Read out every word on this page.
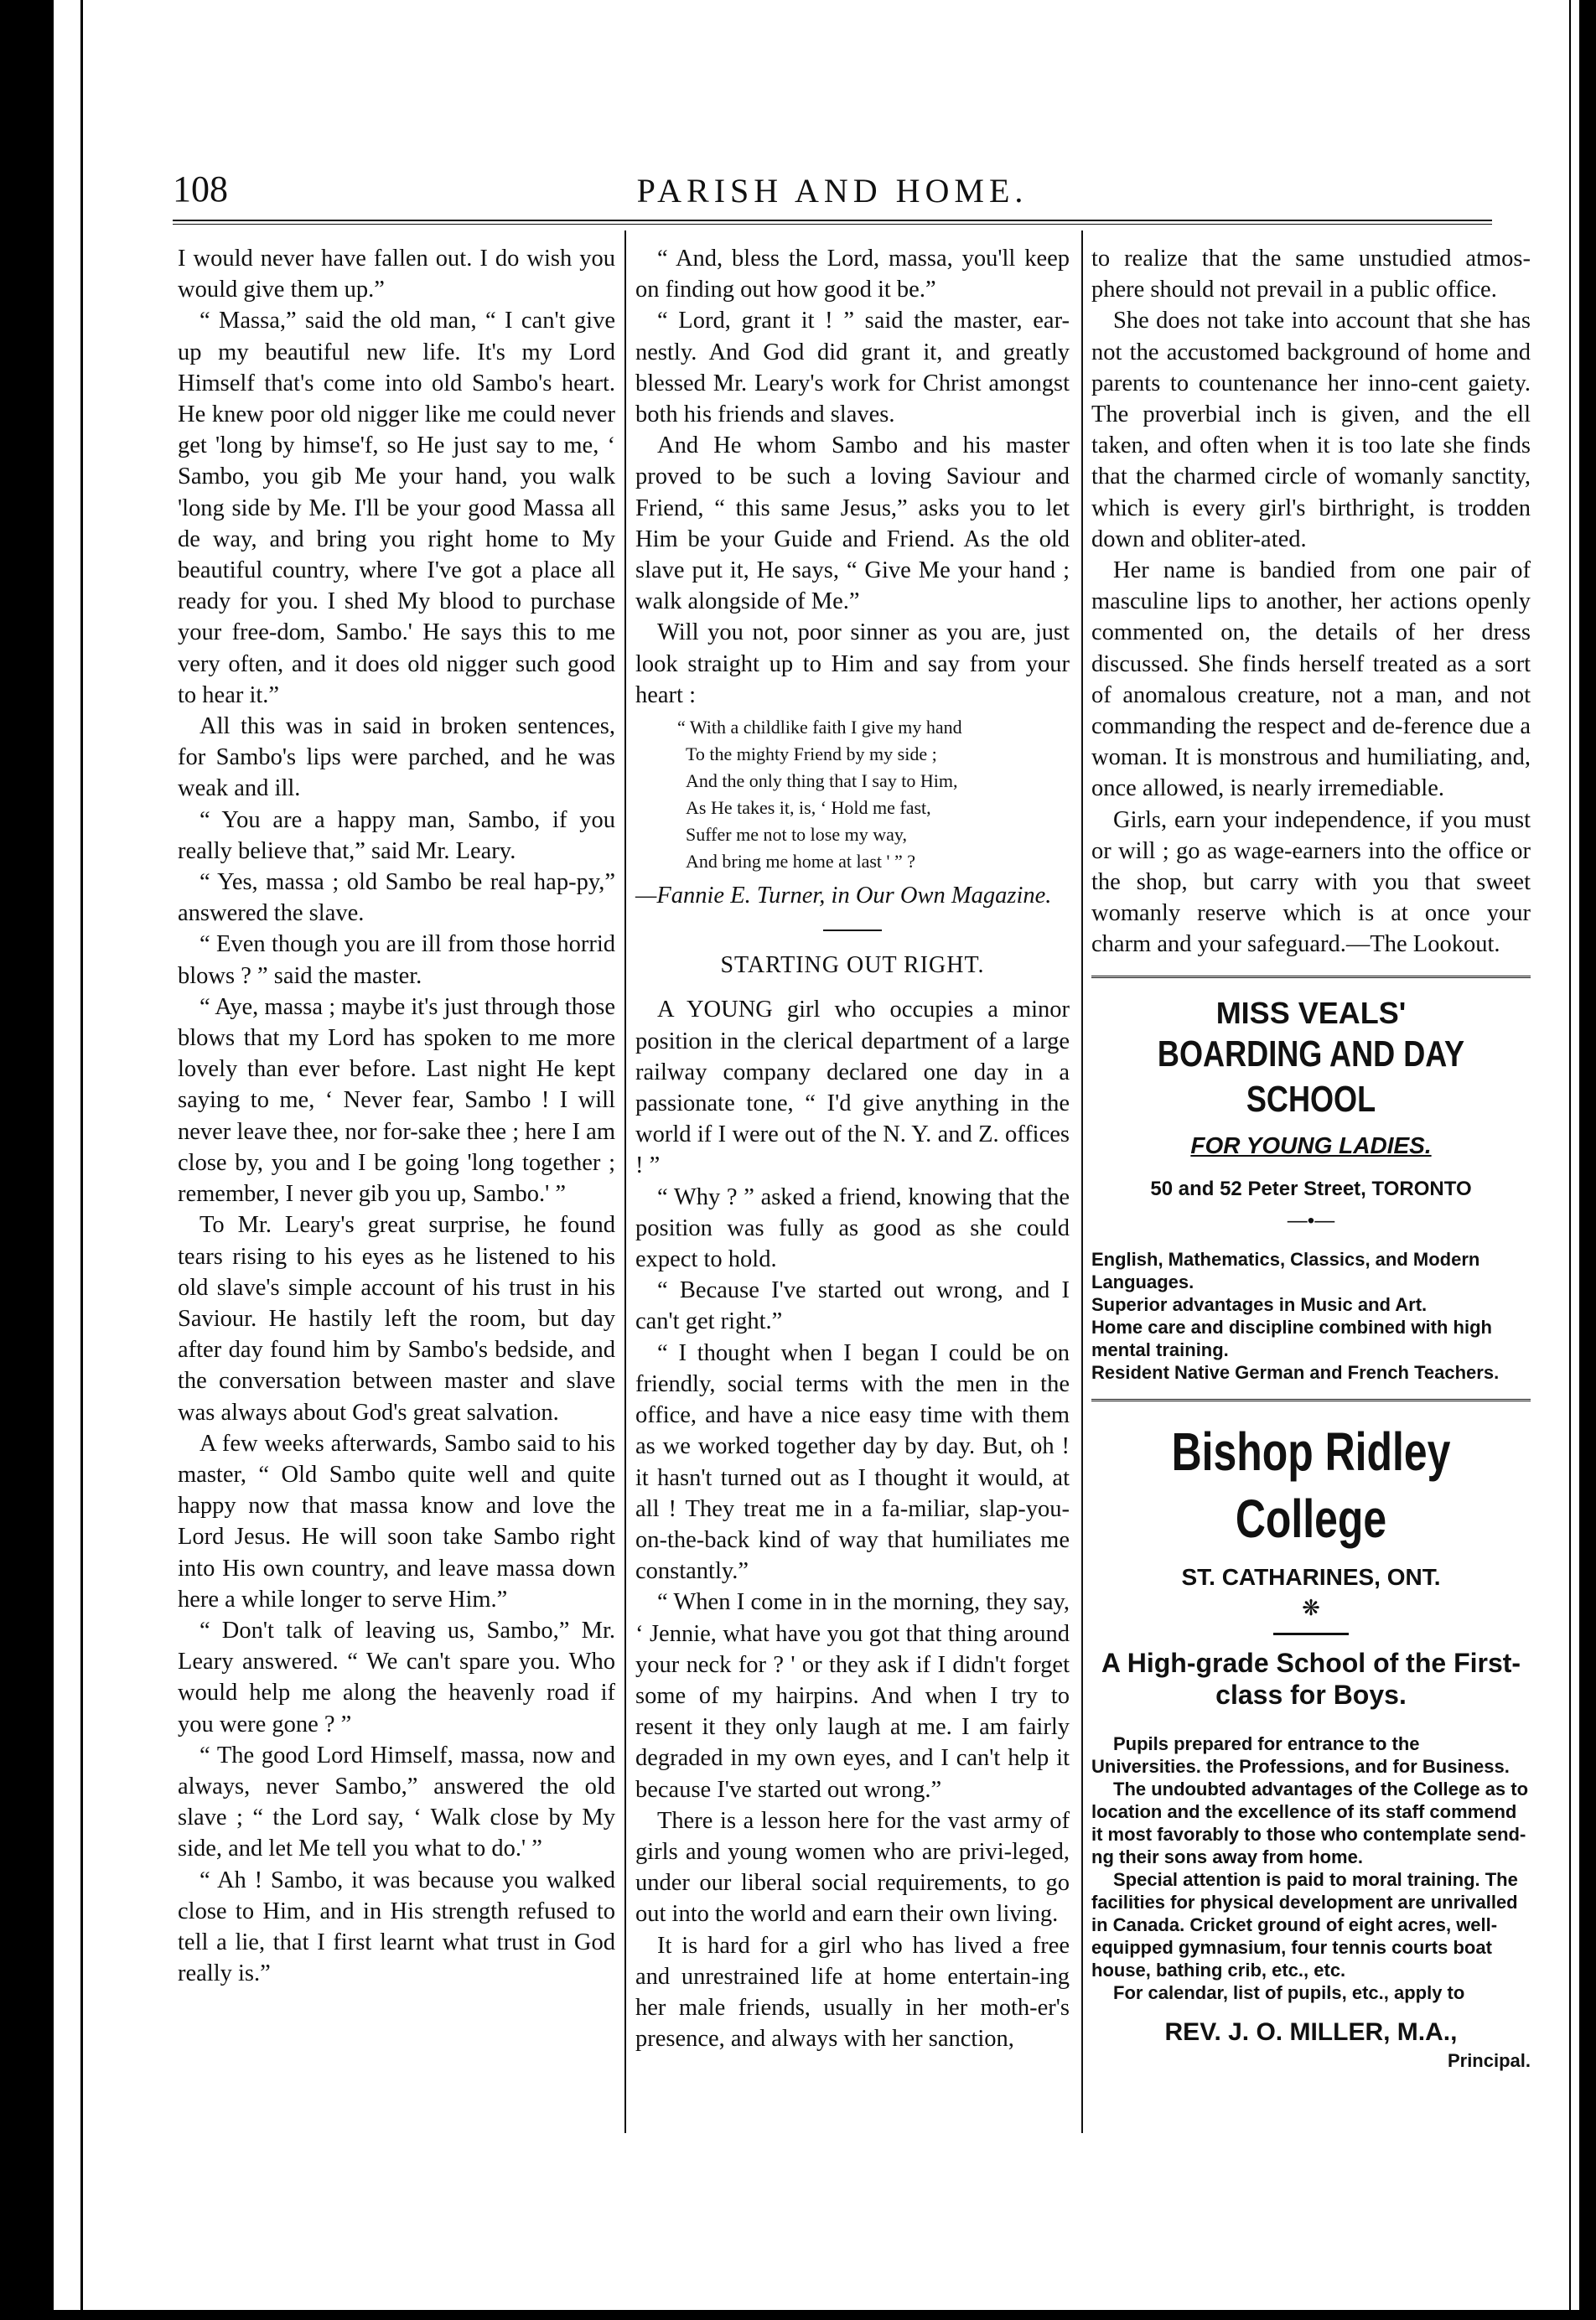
108	PARISH AND HOME.

I would never have fallen out. I do wish you would give them up.”

“ Massa,” said the old man, “ I can't give up my beautiful new life. It's my Lord Himself that's come into old Sambo's heart. He knew poor old nigger like me could never get 'long by himse'f, so He just say to me, ‘ Sambo, you gib Me your hand, you walk 'long side by Me. I'll be your good Massa all de way, and bring you right home to My beautiful country, where I've got a place all ready for you. I shed My blood to purchase your free-dom, Sambo.' He says this to me very often, and it does old nigger such good to hear it.”

All this was in said in broken sentences, for Sambo's lips were parched, and he was weak and ill.

“ You are a happy man, Sambo, if you really believe that,” said Mr. Leary.

“ Yes, massa ; old Sambo be real hap-py,” answered the slave.

“ Even though you are ill from those horrid blows ? ” said the master.

“ Aye, massa ; maybe it's just through those blows that my Lord has spoken to me more lovely than ever before. Last night He kept saying to me, ‘ Never fear, Sambo ! I will never leave thee, nor for-sake thee ; here I am close by, you and I be going 'long together ; remember, I never gib you up, Sambo.' ”

To Mr. Leary's great surprise, he found tears rising to his eyes as he listened to his old slave's simple account of his trust in his Saviour. He hastily left the room, but day after day found him by Sambo's bedside, and the conversation between master and slave was always about God's great salvation.

A few weeks afterwards, Sambo said to his master, “ Old Sambo quite well and quite happy now that massa know and love the Lord Jesus. He will soon take Sambo right into His own country, and leave massa down here a while longer to serve Him.”

“ Don't talk of leaving us, Sambo,” Mr. Leary answered. “ We can't spare you. Who would help me along the heavenly road if you were gone ? ”

“ The good Lord Himself, massa, now and always, never Sambo,” answered the old slave ; “ the Lord say, ‘ Walk close by My side, and let Me tell you what to do.' ”

“ Ah ! Sambo, it was because you walked close to Him, and in His strength refused to tell a lie, that I first learnt what trust in God really is.”

“ And, bless the Lord, massa, you'll keep on finding out how good it be.”

“ Lord, grant it ! ” said the master, ear-nestly. And God did grant it, and greatly blessed Mr. Leary's work for Christ amongst both his friends and slaves.

And He whom Sambo and his master proved to be such a loving Saviour and Friend, “ this same Jesus,” asks you to let Him be your Guide and Friend. As the old slave put it, He says, “ Give Me your hand ; walk alongside of Me.”

Will you not, poor sinner as you are, just look straight up to Him and say from your heart :

“ With a childlike faith I give my hand
To the mighty Friend by my side ;
And the only thing that I say to Him,
As He takes it, is, ‘ Hold me fast,
Suffer me not to lose my way,
And bring me home at last ' ” ?

—Fannie E. Turner, in Our Own Magazine.

STARTING OUT RIGHT.

A YOUNG girl who occupies a minor position in the clerical department of a large railway company declared one day in a passionate tone, “ I'd give anything in the world if I were out of the N. Y. and Z. offices ! ”

“ Why ? ” asked a friend, knowing that the position was fully as good as she could expect to hold.

“ Because I've started out wrong, and I can't get right.”

“ I thought when I began I could be on friendly, social terms with the men in the office, and have a nice easy time with them as we worked together day by day. But, oh ! it hasn't turned out as I thought it would, at all ! They treat me in a fa-miliar, slap-you-on-the-back kind of way that humiliates me constantly.”

“ When I come in in the morning, they say, ‘ Jennie, what have you got that thing around your neck for ? ' or they ask if I didn't forget some of my hairpins. And when I try to resent it they only laugh at me. I am fairly degraded in my own eyes, and I can't help it because I've started out wrong.”

There is a lesson here for the vast army of girls and young women who are privi-leged, under our liberal social requirements, to go out into the world and earn their own living.

It is hard for a girl who has lived a free and unrestrained life at home entertain-ing her male friends, usually in her moth-er's presence, and always with her sanction,

to realize that the same unstudied atmos-phere should not prevail in a public office.

She does not take into account that she has not the accustomed background of home and parents to countenance her inno-cent gaiety. The proverbial inch is given, and the ell taken, and often when it is too late she finds that the charmed circle of womanly sanctity, which is every girl's birthright, is trodden down and obliter-ated.

Her name is bandied from one pair of masculine lips to another, her actions openly commented on, the details of her dress discussed. She finds herself treated as a sort of anomalous creature, not a man, and not commanding the respect and de-ference due a woman. It is monstrous and humiliating, and, once allowed, is nearly irremediable.

Girls, earn your independence, if you must or will ; go as wage-earners into the office or the shop, but carry with you that sweet womanly reserve which is at once your charm and your safeguard.—The Lookout.

MISS VEALS'
BOARDING AND DAY SCHOOL
FOR YOUNG LADIES.
50 and 52 Peter Street, TORONTO
—•—
English, Mathematics, Classics, and Modern Languages.
Superior advantages in Music and Art.
Home care and discipline combined with high mental training.
Resident Native German and French Teachers.
Bishop Ridley College
ST. CATHARINES, ONT.
❋
A High-grade School of the First-class for Boys.
Pupils prepared for entrance to the Universities. the Professions, and for Business.
The undoubted advantages of the College as to location and the excellence of its staff commend it most favorably to those who contemplate send-ng their sons away from home.
Special attention is paid to moral training. The facilities for physical development are unrivalled in Canada. Cricket ground of eight acres, well-equipped gymnasium, four tennis courts boat house, bathing crib, etc., etc.
For calendar, list of pupils, etc., apply to
REV. J. O. MILLER, M.A.,
Principal.
